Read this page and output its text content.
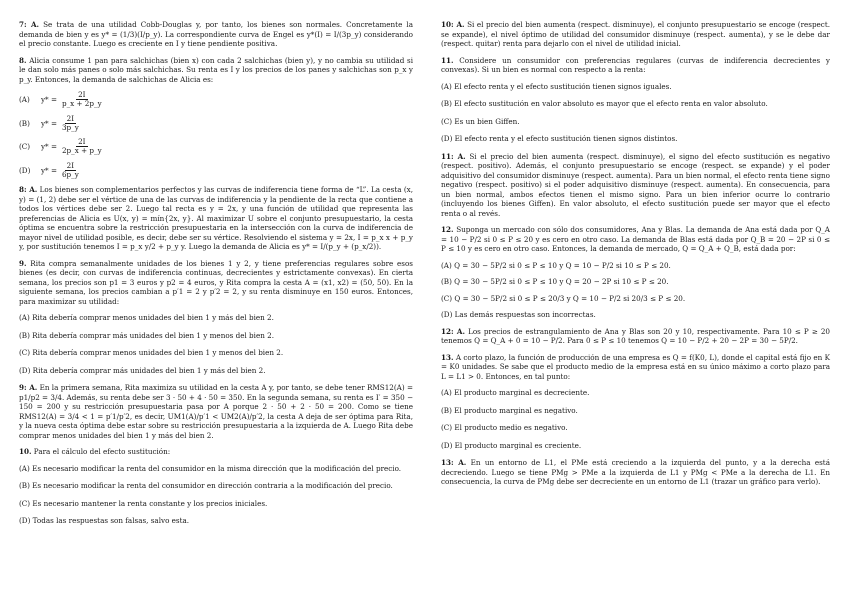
7: A. Se trata de una utilidad Cobb-Douglas y, por tanto, los bienes son normales. Concretamente la demanda de bien y es y* = (1/3)(I/p_y). La correspondiente curva de Engel es y*(I) = I/(3p_y) considerando el precio constante. Luego es creciente en I y tiene pendiente positiva.

8. Alicia consume 1 pan para salchichas (bien x) con cada 2 salchichas (bien y), y no cambia su utilidad si le dan solo más panes o solo más salchichas. Su renta es I y los precios de los panes y salchichas son p_x y p_y. Entonces, la demanda de salchichas de Alicia es:

(A)	$y* = \frac{2I}{p\_x + 2p\_y}$
(B)	$y* = \frac{2I}{3p\_y}$
(C)	$y* = \frac{2I}{2p\_x + p\_y}$
(D)	$y* = \frac{2I}{6p\_y}$

8: A. Los bienes son complementarios perfectos y las curvas de indiferencia tiene forma de “L”. La cesta (x, y) = (1, 2) debe ser el vértice de una de las curvas de indiferencia y la pendiente de la recta que contiene a todos los vértices debe ser 2. Luego tal recta es y = 2x, y una función de utilidad que representa las preferencias de Alicia es U(x, y) = mín{2x, y}. Al maximizar U sobre el conjunto presupuestario, la cesta óptima se encuentra sobre la restricción presupuestaria en la intersección con la curva de indiferencia de mayor nivel de utilidad posible, es decir, debe ser su vértice. Resolviendo el sistema y = 2x, I = p_x x + p_y y, por sustitución tenemos I = p_x y/2 + p_y y. Luego la demanda de Alicia es y* = I/(p_y + (p_x/2)).

9. Rita compra semanalmente unidades de los bienes 1 y 2, y tiene preferencias regulares sobre esos bienes (es decir, con curvas de indiferencia continuas, decrecientes y estrictamente convexas). En cierta semana, los precios son p1 = 3 euros y p2 = 4 euros, y Rita compra la cesta A = (x1, x2) = (50, 50). En la siguiente semana, los precios cambian a p′1 = 2 y p′2 = 2, y su renta disminuye en 150 euros. Entonces, para maximizar su utilidad:

(A) Rita debería comprar menos unidades del bien 1 y más del bien 2.

(B) Rita debería comprar más unidades del bien 1 y menos del bien 2.

(C) Rita debería comprar menos unidades del bien 1 y menos del bien 2.

(D) Rita debería comprar más unidades del bien 1 y más del bien 2.

9: A. En la primera semana, Rita maximiza su utilidad en la cesta A y, por tanto, se debe tener RMS12(A) = p1/p2 = 3/4. Además, su renta debe ser 3 · 50 + 4 · 50 = 350. En la segunda semana, su renta es I′ = 350 − 150 = 200 y su restricción presupuestaria pasa por A porque 2 · 50 + 2 · 50 = 200. Como se tiene RMS12(A) = 3/4 < 1 = p′1/p′2, es decir, UM1(A)/p′1 < UM2(A)/p′2, la cesta A deja de ser óptima para Rita, y la nueva cesta óptima debe estar sobre su restricción presupuestaria a la izquierda de A. Luego Rita debe comprar menos unidades del bien 1 y más del bien 2.

10. Para el cálculo del efecto sustitución:

(A) Es necesario modificar la renta del consumidor en la misma dirección que la modificación del precio.

(B) Es necesario modificar la renta del consumidor en dirección contraria a la modificación del precio.

(C) Es necesario mantener la renta constante y los precios iniciales.

(D) Todas las respuestas son falsas, salvo esta.

10: A. Si el precio del bien aumenta (respect. disminuye), el conjunto presupuestario se encoge (respect. se expande), el nivel óptimo de utilidad del consumidor disminuye (respect. aumenta), y se le debe dar (respect. quitar) renta para dejarlo con el nivel de utilidad inicial.

11. Considere un consumidor con preferencias regulares (curvas de indiferencia decrecientes y convexas). Si un bien es normal con respecto a la renta:

(A) El efecto renta y el efecto sustitución tienen signos iguales.

(B) El efecto sustitución en valor absoluto es mayor que el efecto renta en valor absoluto.

(C) Es un bien Giffen.

(D) El efecto renta y el efecto sustitución tienen signos distintos.

11: A. Si el precio del bien aumenta (respect. disminuye), el signo del efecto sustitución es negativo (respect. positivo). Además, el conjunto presupuestario se encoge (respect. se expande) y el poder adquisitivo del consumidor disminuye (respect. aumenta). Para un bien normal, el efecto renta tiene signo negativo (respect. positivo) si el poder adquisitivo disminuye (respect. aumenta). En consecuencia, para un bien normal, ambos efectos tienen el mismo signo. Para un bien inferior ocurre lo contrario (incluyendo los bienes Giffen). En valor absoluto, el efecto sustitución puede ser mayor que el efecto renta o al revés.

12. Suponga un mercado con sólo dos consumidores, Ana y Blas. La demanda de Ana está dada por Q_A = 10 − P/2 si 0 ≤ P ≤ 20 y es cero en otro caso. La demanda de Blas está dada por Q_B = 20 − 2P si 0 ≤ P ≤ 10 y es cero en otro caso. Entonces, la demanda de mercado, Q = Q_A + Q_B, está dada por:

(A) Q = 30 − 5P/2 si 0 ≤ P ≤ 10 y Q = 10 − P/2 si 10 ≤ P ≤ 20.

(B) Q = 30 − 5P/2 si 0 ≤ P ≤ 10 y Q = 20 − 2P si 10 ≤ P ≤ 20.

(C) Q = 30 − 5P/2 si 0 ≤ P ≤ 20/3 y Q = 10 − P/2 si 20/3 ≤ P ≤ 20.

(D) Las demás respuestas son incorrectas.

12: A. Los precios de estrangulamiento de Ana y Blas son 20 y 10, respectivamente. Para 10 ≤ P ≥ 20 tenemos Q = Q_A + 0 = 10 − P/2. Para 0 ≤ P ≤ 10 tenemos Q = 10 − P/2 + 20 − 2P = 30 − 5P/2.

13. A corto plazo, la función de producción de una empresa es Q = f(K0, L), donde el capital está fijo en K = K0 unidades. Se sabe que el producto medio de la empresa está en su único máximo a corto plazo para L = L1 > 0. Entonces, en tal punto:

(A) El producto marginal es decreciente.

(B) El producto marginal es negativo.

(C) El producto medio es negativo.

(D) El producto marginal es creciente.

13: A. En un entorno de L1, el PMe está creciendo a la izquierda del punto, y a la derecha está decreciendo. Luego se tiene PMg > PMe a la izquierda de L1 y PMg < PMe a la derecha de L1. En consecuencia, la curva de PMg debe ser decreciente en un entorno de L1 (trazar un gráfico para verlo).
